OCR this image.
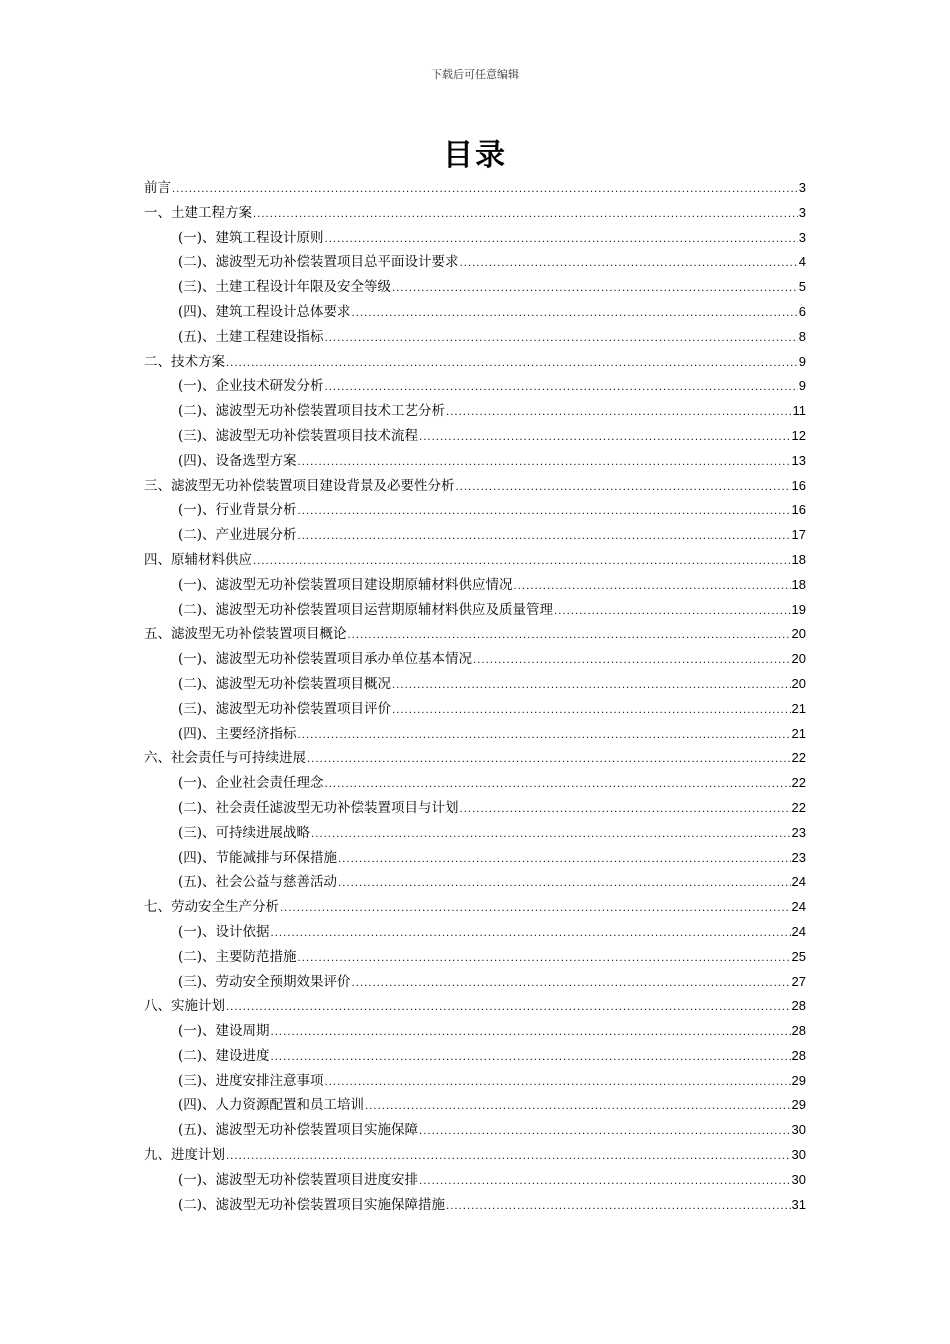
下载后可任意编辑
目录
前言 .....	3
一、土建工程方案 .....	3
(一)、建筑工程设计原则 .....	3
(二)、滤波型无功补偿装置项目总平面设计要求 .....	4
(三)、土建工程设计年限及安全等级 .....	5
(四)、建筑工程设计总体要求 .....	6
(五)、土建工程建设指标 .....	8
二、技术方案 .....	9
(一)、企业技术研发分析 .....	9
(二)、滤波型无功补偿装置项目技术工艺分析 .....	11
(三)、滤波型无功补偿装置项目技术流程 .....	12
(四)、设备选型方案 .....	13
三、滤波型无功补偿装置项目建设背景及必要性分析 .....	16
(一)、行业背景分析 .....	16
(二)、产业进展分析 .....	17
四、原辅材料供应 .....	18
(一)、滤波型无功补偿装置项目建设期原辅材料供应情况 .....	18
(二)、滤波型无功补偿装置项目运营期原辅材料供应及质量管理 .....	19
五、滤波型无功补偿装置项目概论 .....	20
(一)、滤波型无功补偿装置项目承办单位基本情况 .....	20
(二)、滤波型无功补偿装置项目概况 .....	20
(三)、滤波型无功补偿装置项目评价 .....	21
(四)、主要经济指标 .....	21
六、社会责任与可持续进展 .....	22
(一)、企业社会责任理念 .....	22
(二)、社会责任滤波型无功补偿装置项目与计划 .....	22
(三)、可持续进展战略 .....	23
(四)、节能减排与环保措施 .....	23
(五)、社会公益与慈善活动 .....	24
七、劳动安全生产分析 .....	24
(一)、设计依据 .....	24
(二)、主要防范措施 .....	25
(三)、劳动安全预期效果评价 .....	27
八、实施计划 .....	28
(一)、建设周期 .....	28
(二)、建设进度 .....	28
(三)、进度安排注意事项 .....	29
(四)、人力资源配置和员工培训 .....	29
(五)、滤波型无功补偿装置项目实施保障 .....	30
九、进度计划 .....	30
(一)、滤波型无功补偿装置项目进度安排 .....	30
(二)、滤波型无功补偿装置项目实施保障措施 .....	31
